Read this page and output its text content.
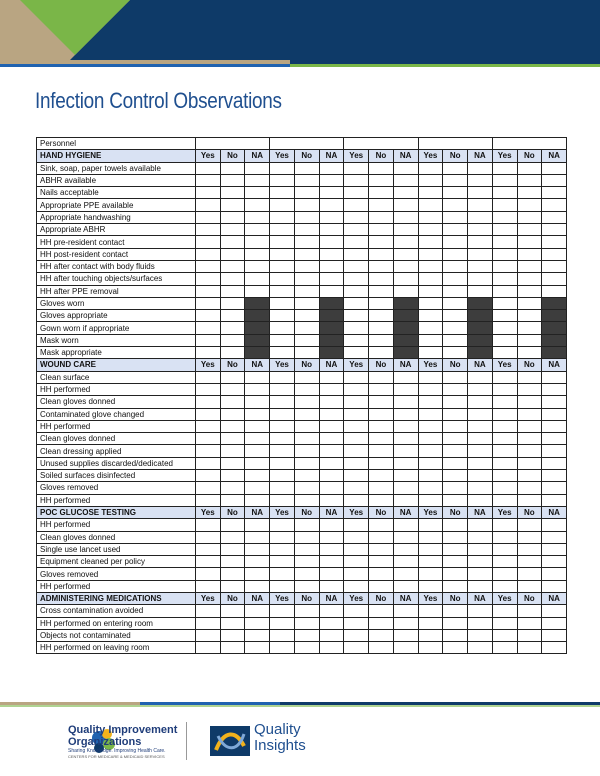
Infection Control Observations
Personnel															
HAND HYGIENE	Yes	No	NA	Yes	No	NA	Yes	No	NA	Yes	No	NA	Yes	No	NA
Sink, soap, paper towels available															
ABHR available															
Nails acceptable															
Appropriate PPE available															
Appropriate handwashing															
Appropriate ABHR															
HH pre-resident contact															
HH post-resident contact															
HH after contact with body fluids															
HH after touching objects/surfaces															
HH after PPE removal															
Gloves worn															
Gloves appropriate															
Gown worn if appropriate															
Mask worn															
Mask appropriate															
WOUND CARE	Yes	No	NA	Yes	No	NA	Yes	No	NA	Yes	No	NA	Yes	No	NA
Clean surface															
HH performed															
Clean gloves donned															
Contaminated glove changed															
HH performed															
Clean gloves donned															
Clean dressing applied															
Unused supplies discarded/dedicated															
Soiled surfaces disinfected															
Gloves removed															
HH performed															
POC GLUCOSE TESTING	Yes	No	NA	Yes	No	NA	Yes	No	NA	Yes	No	NA	Yes	No	NA
HH performed															
Clean gloves donned															
Single use lancet used															
Equipment cleaned per policy															
Gloves removed															
HH performed															
ADMINISTERING MEDICATIONS	Yes	No	NA	Yes	No	NA	Yes	No	NA	Yes	No	NA	Yes	No	NA
Cross contamination avoided															
HH performed on entering room															
Objects not contaminated															
HH performed on leaving room															
Quality Improvement
Organizations
Sharing Knowledge. Improving Health Care.
CENTERS FOR MEDICARE & MEDICAID SERVICES
Quality
Insights
